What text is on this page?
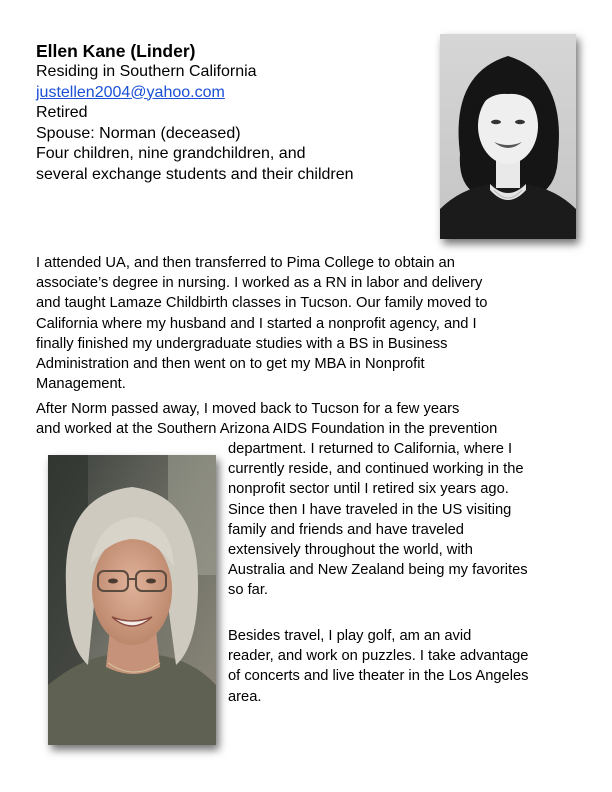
Ellen Kane (Linder)
Residing in Southern California
justellen2004@yahoo.com
Retired
Spouse: Norman (deceased)
Four children, nine grandchildren, and
several exchange students and their children
I attended UA, and then transferred to Pima College to obtain an
associate’s degree in nursing. I worked as a RN in labor and delivery
and taught Lamaze Childbirth classes in Tucson. Our family moved to
California where my husband and I started a nonprofit agency, and I
finally finished my undergraduate studies with a BS in Business
Administration and then went on to get my MBA in Nonprofit
Management.
After Norm passed away, I moved back to Tucson for a few years
and worked at the Southern Arizona AIDS Foundation in the prevention
department. I returned to California, where I
currently reside, and continued working in the
nonprofit sector until I retired six years ago.
Since then I have traveled in the US visiting
family and friends and have traveled
extensively throughout the world, with
Australia and New Zealand being my favorites
so far.
Besides travel, I play golf, am an avid
reader, and work on puzzles. I take advantage
of concerts and live theater in the Los Angeles
area.
